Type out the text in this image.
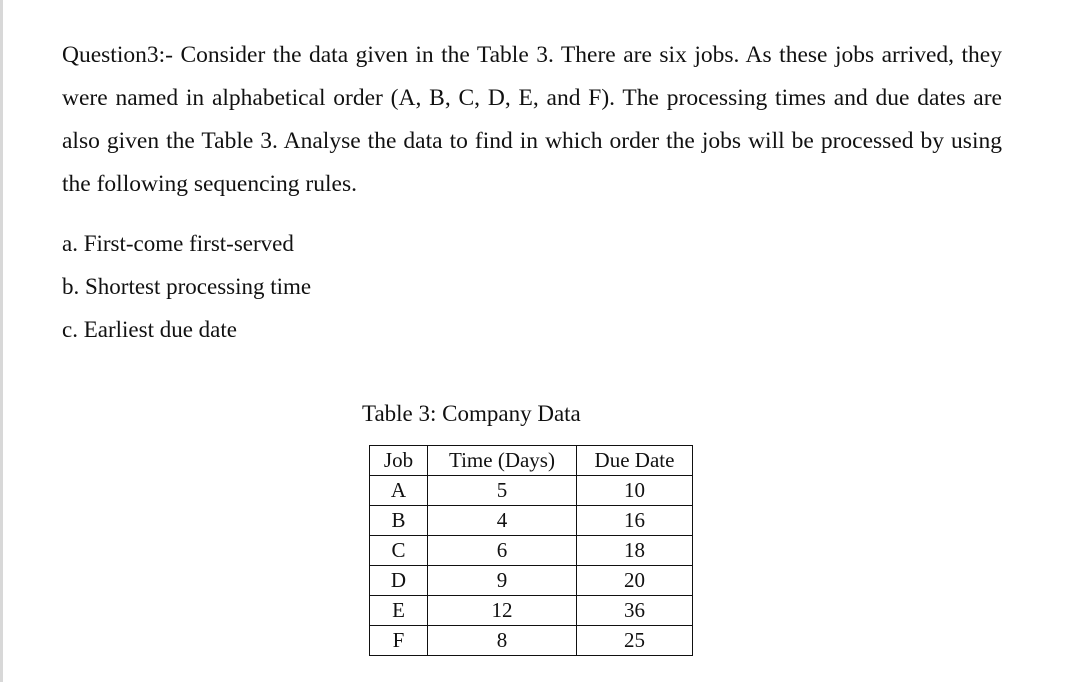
Question3:- Consider the data given in the Table 3. There are six jobs. As these jobs arrived, they were named in alphabetical order (A, B, C, D, E, and F). The processing times and due dates are also given the Table 3. Analyse the data to find in which order the jobs will be processed by using the following sequencing rules.
a. First-come first-served
b. Shortest processing time
c. Earliest due date
Table 3: Company Data
Job	Time (Days)	Due Date
A	5	10
B	4	16
C	6	18
D	9	20
E	12	36
F	8	25
